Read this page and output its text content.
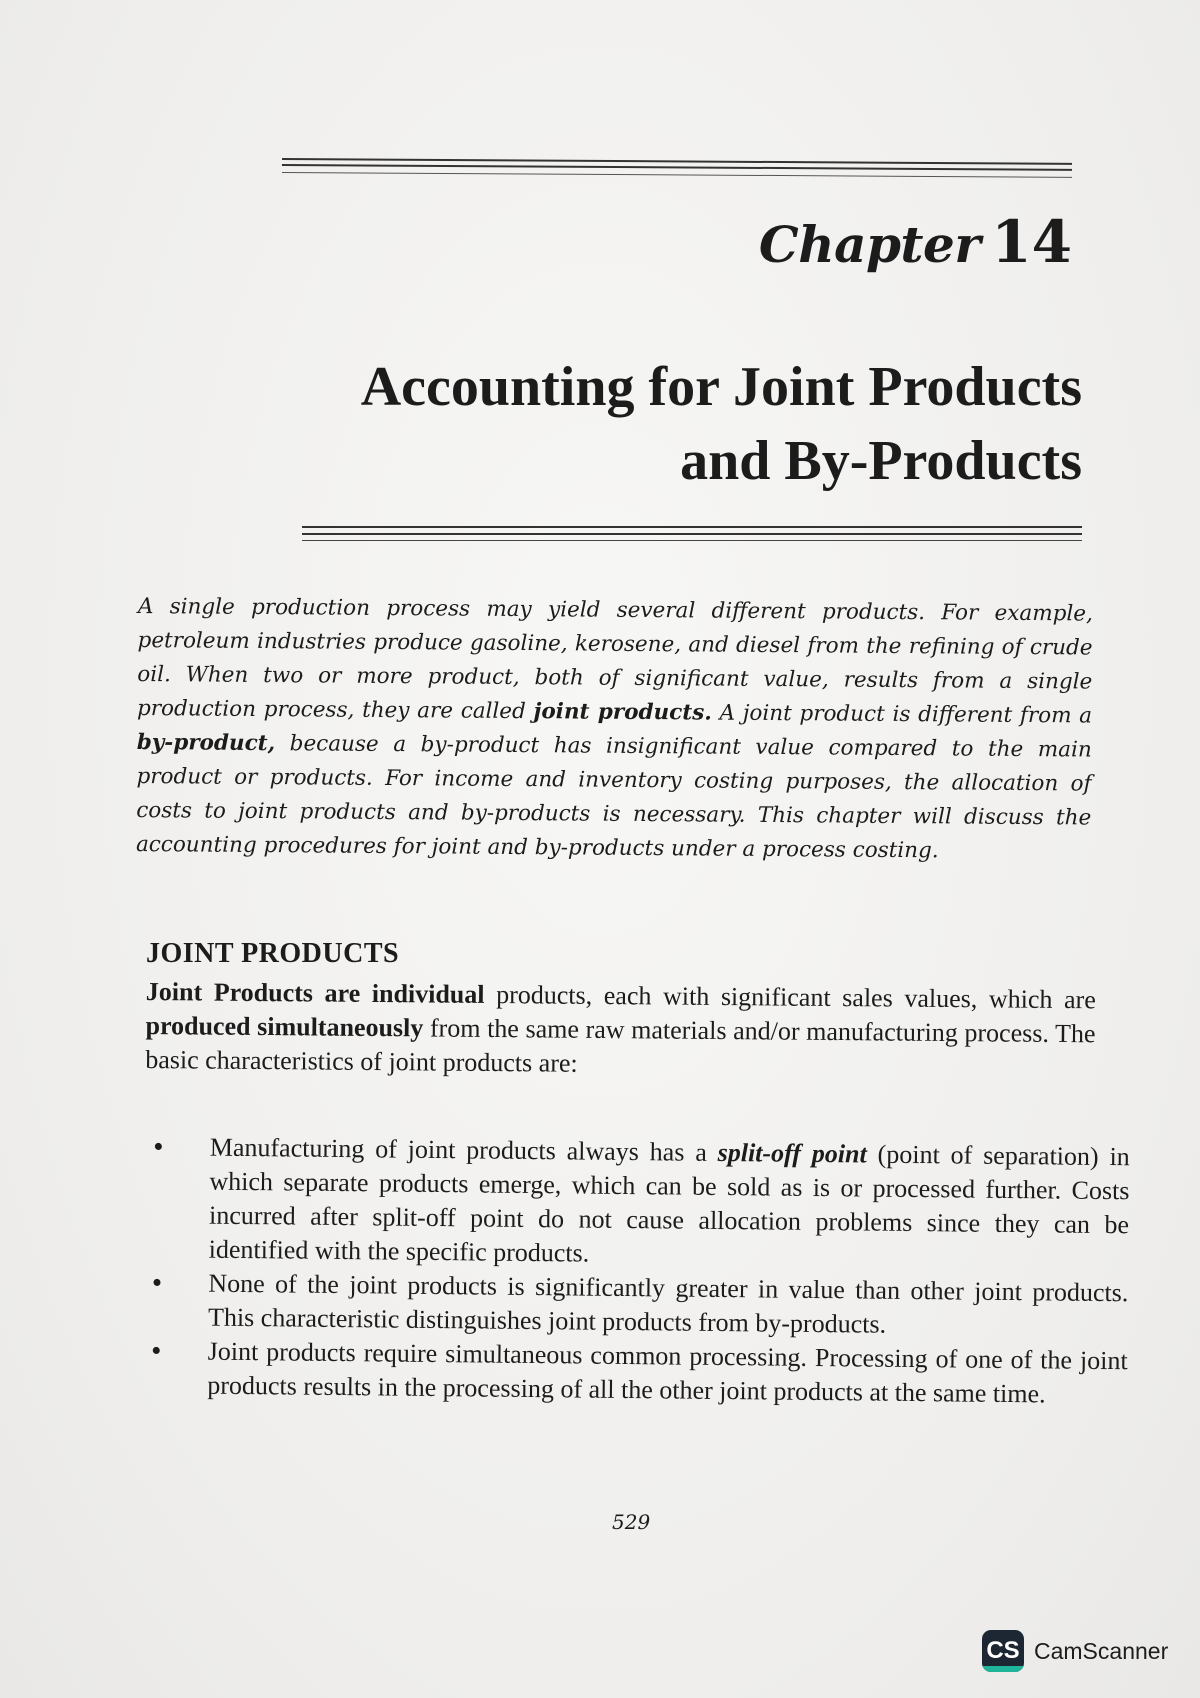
Chapter 14
Accounting for Joint Products
and By-Products

A single production process may yield several different products. For example, petroleum industries produce gasoline, kerosene, and diesel from the refining of crude oil. When two or more product, both of significant value, results from a single production process, they are called joint products. A joint product is different from a by-product, because a by-product has insignificant value compared to the main product or products. For income and inventory costing purposes, the allocation of costs to joint products and by-products is necessary. This chapter will discuss the accounting procedures for joint and by-products under a process costing.

JOINT PRODUCTS

Joint Products are individual products, each with significant sales values, which are produced simultaneously from the same raw materials and/or manufacturing process. The basic characteristics of joint products are:

• Manufacturing of joint products always has a split-off point (point of separation) in which separate products emerge, which can be sold as is or processed further. Costs incurred after split-off point do not cause allocation problems since they can be identified with the specific products.
• None of the joint products is significantly greater in value than other joint products. This characteristic distinguishes joint products from by-products.
• Joint products require simultaneous common processing. Processing of one of the joint products results in the processing of all the other joint products at the same time.
529
CS CamScanner
